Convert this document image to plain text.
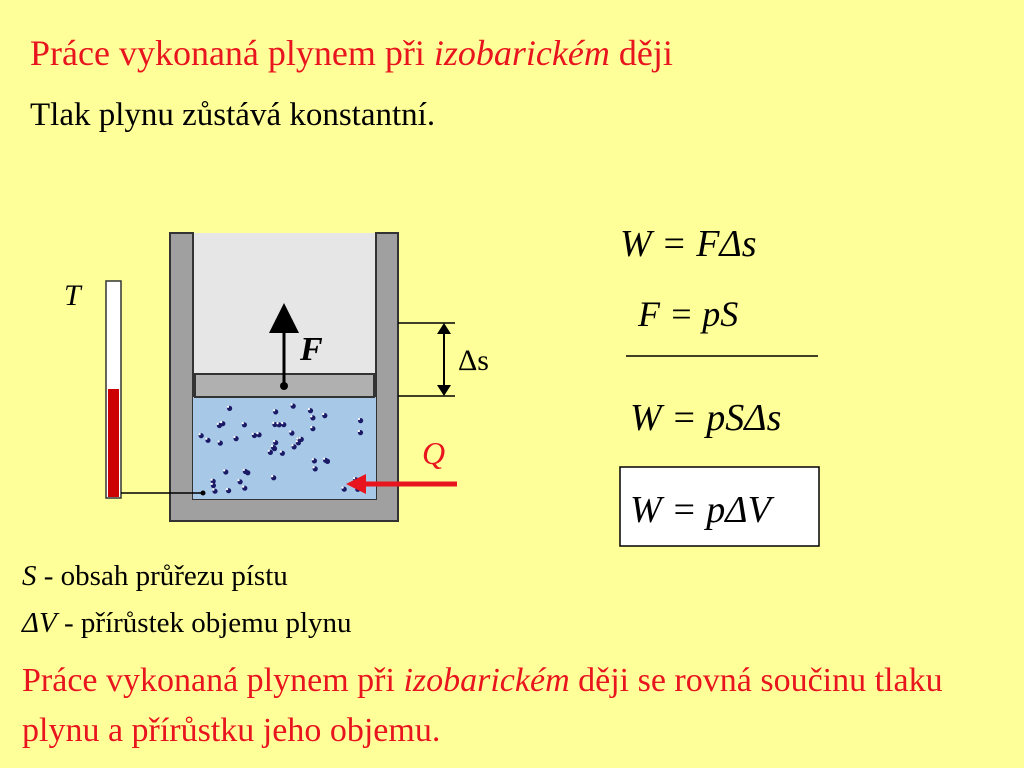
Práce vykonaná plynem při izobarickém ději
Tlak plynu zůstává konstantní.
F	Δs
Q
T
W = FΔs
F = pS
W = pSΔs
W = pΔV
S - obsah průřezu pístu
ΔV - přírůstek objemu plynu
Práce vykonaná plynem při izobarickém ději se rovná součinu tlaku plynu a přírůstku jeho objemu.
